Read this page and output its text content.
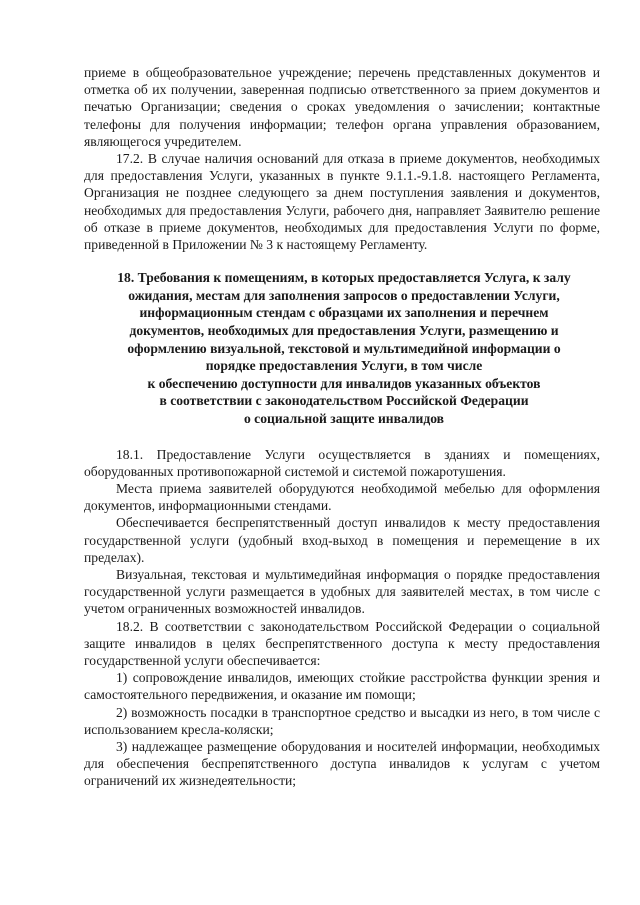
приеме в общеобразовательное учреждение; перечень представленных документов и отметка об их получении, заверенная подписью ответственного за прием документов и печатью Организации; сведения о сроках уведомления о зачислении; контактные телефоны для получения информации; телефон органа управления образованием, являющегося учредителем.

17.2. В случае наличия оснований для отказа в приеме документов, необходимых для предоставления Услуги, указанных в пункте 9.1.1.-9.1.8. настоящего Регламента, Организация не позднее следующего за днем поступления заявления и документов, необходимых для предоставления Услуги, рабочего дня, направляет Заявителю решение об отказе в приеме документов, необходимых для предоставления Услуги по форме, приведенной в Приложении № 3 к настоящему Регламенту.

18. Требования к помещениям, в которых предоставляется Услуга, к залу
ожидания, местам для заполнения запросов о предоставлении Услуги,
информационным стендам с образцами их заполнения и перечнем
документов, необходимых для предоставления Услуги, размещению и
оформлению визуальной, текстовой и мультимедийной информации о
порядке предоставления Услуги, в том числе
к обеспечению доступности для инвалидов указанных объектов
в соответствии с законодательством Российской Федерации
о социальной защите инвалидов

18.1. Предоставление Услуги осуществляется в зданиях и помещениях, оборудованных противопожарной системой и системой пожаротушения.

Места приема заявителей оборудуются необходимой мебелью для оформления документов, информационными стендами.

Обеспечивается беспрепятственный доступ инвалидов к месту предоставления государственной услуги (удобный вход-выход в помещения и перемещение в их пределах).

Визуальная, текстовая и мультимедийная информация о порядке предоставления государственной услуги размещается в удобных для заявителей местах, в том числе с учетом ограниченных возможностей инвалидов.

18.2. В соответствии с законодательством Российской Федерации о социальной защите инвалидов в целях беспрепятственного доступа к месту предоставления государственной услуги обеспечивается:

1) сопровождение инвалидов, имеющих стойкие расстройства функции зрения и самостоятельного передвижения, и оказание им помощи;

2) возможность посадки в транспортное средство и высадки из него, в том числе с использованием кресла-коляски;

3) надлежащее размещение оборудования и носителей информации, необходимых для обеспечения беспрепятственного доступа инвалидов к услугам с учетом ограничений их жизнедеятельности;
